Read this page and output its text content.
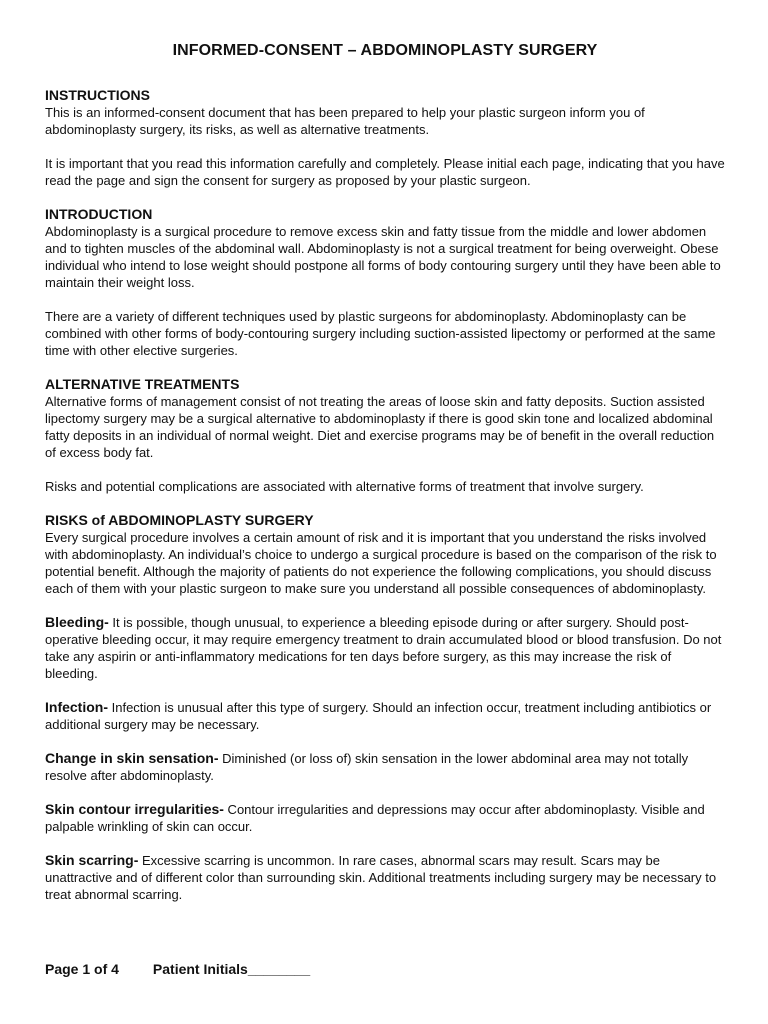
INFORMED-CONSENT – ABDOMINOPLASTY SURGERY

INSTRUCTIONS

This is an informed-consent document that has been prepared to help your plastic surgeon inform you of abdominoplasty surgery, its risks, as well as alternative treatments.

It is important that you read this information carefully and completely. Please initial each page, indicating that you have read the page and sign the consent for surgery as proposed by your plastic surgeon.

INTRODUCTION

Abdominoplasty is a surgical procedure to remove excess skin and fatty tissue from the middle and lower abdomen and to tighten muscles of the abdominal wall. Abdominoplasty is not a surgical treatment for being overweight. Obese individual who intend to lose weight should postpone all forms of body contouring surgery until they have been able to maintain their weight loss.

There are a variety of different techniques used by plastic surgeons for abdominoplasty. Abdominoplasty can be combined with other forms of body-contouring surgery including suction-assisted lipectomy or performed at the same time with other elective surgeries.

ALTERNATIVE TREATMENTS

Alternative forms of management consist of not treating the areas of loose skin and fatty deposits. Suction assisted lipectomy surgery may be a surgical alternative to abdominoplasty if there is good skin tone and localized abdominal fatty deposits in an individual of normal weight. Diet and exercise programs may be of benefit in the overall reduction of excess body fat.

Risks and potential complications are associated with alternative forms of treatment that involve surgery.

RISKS of ABDOMINOPLASTY SURGERY

Every surgical procedure involves a certain amount of risk and it is important that you understand the risks involved with abdominoplasty. An individual’s choice to undergo a surgical procedure is based on the comparison of the risk to potential benefit. Although the majority of patients do not experience the following complications, you should discuss each of them with your plastic surgeon to make sure you understand all possible consequences of abdominoplasty.

Bleeding- It is possible, though unusual, to experience a bleeding episode during or after surgery. Should post-operative bleeding occur, it may require emergency treatment to drain accumulated blood or blood transfusion. Do not take any aspirin or anti-inflammatory medications for ten days before surgery, as this may increase the risk of bleeding.

Infection- Infection is unusual after this type of surgery. Should an infection occur, treatment including antibiotics or additional surgery may be necessary.

Change in skin sensation- Diminished (or loss of) skin sensation in the lower abdominal area may not totally resolve after abdominoplasty.

Skin contour irregularities- Contour irregularities and depressions may occur after abdominoplasty. Visible and palpable wrinkling of skin can occur.

Skin scarring- Excessive scarring is uncommon. In rare cases, abnormal scars may result. Scars may be unattractive and of different color than surrounding skin. Additional treatments including surgery may be necessary to treat abnormal scarring.

Page 1 of 4 Patient Initials________
